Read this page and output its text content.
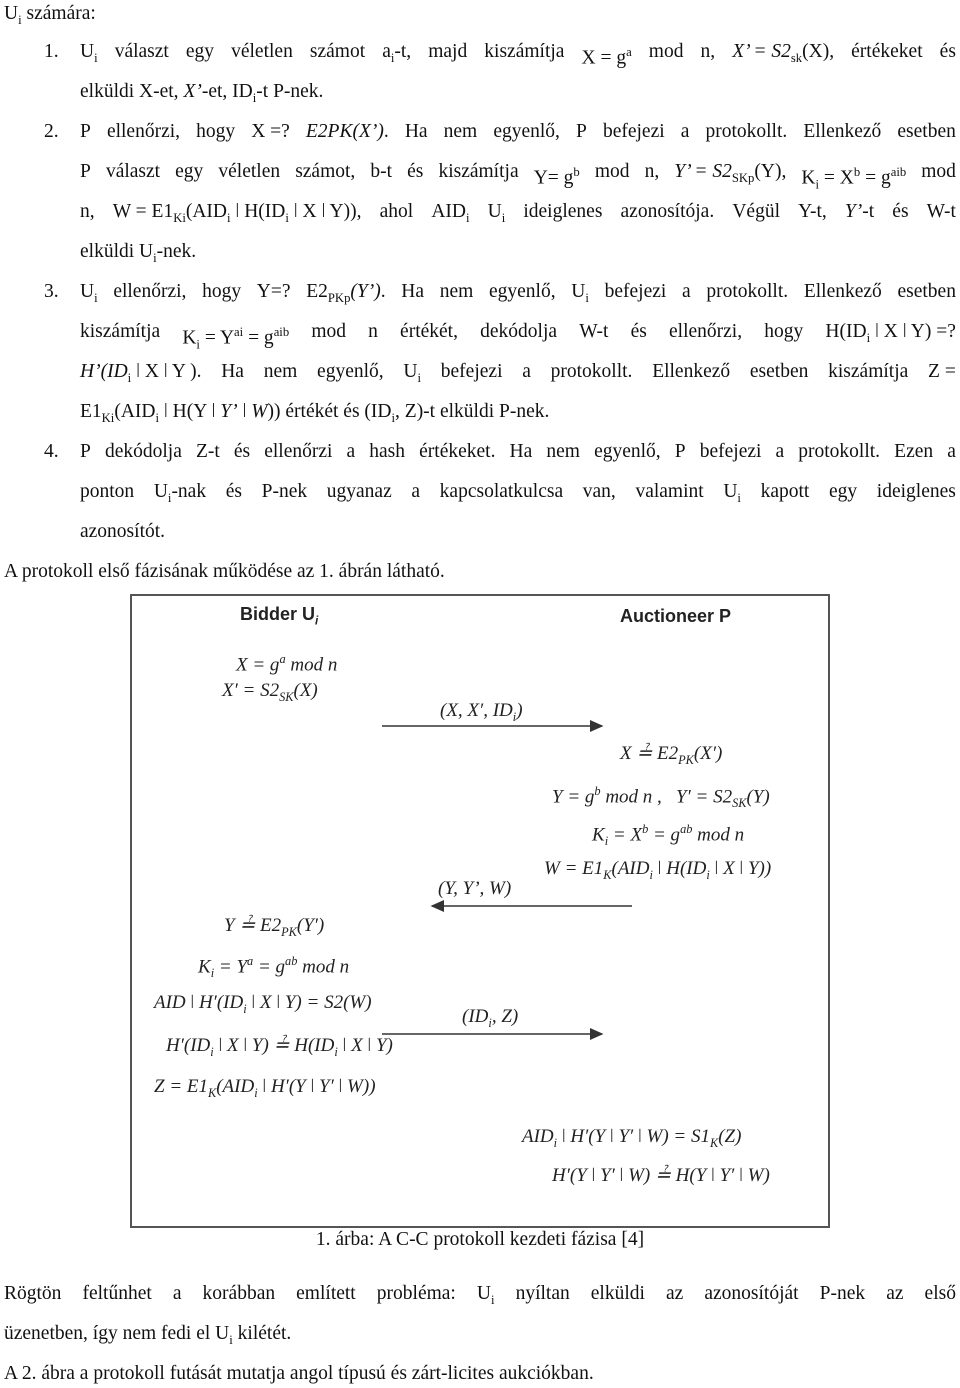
$U_i$ számára:
1. $U_i$ választ egy véletlen számot $a_i-t$, majd kiszámítja $X = g^a$ mod n, X’ = $S2_{sk}(X)$, értékeket és
elküldi X-et, X’-et, $ID_i-t$ P-nek.
2. P ellenőrzi, hogy X =? E2PK(X’). Ha nem egyenlő, P befejezi a protokollt. Ellenkező esetben
P választ egy véletlen számot, b-t és kiszámítja $Y= g^b$ mod n, Y’ = $S2_{SKp}(Y)$, $K_i = X^b = g^{aib}$ mod
n, $W = E1_{Ki}(AID_i$ ǀ $H(ID_i$ ǀ X ǀ Y)), ahol $AID_i$ $U_i$ ideiglenes azonosítója. Végül Y-t, Y’-t és W-t
elküldi $U_i$-nek.
3. $U_i$ ellenőrzi, hogy Y=? $E2_{PKp}(Y’)$. Ha nem egyenlő, $U_i$ befejezi a protokollt. Ellenkező esetben
kiszámítja $K_i = Y^{ai} = g^{aib}$ mod n értékét, dekódolja W-t és ellenőrzi, hogy $H(ID_i$ ǀ X ǀ Y) =?
$H’(ID_i$ ǀ X ǀ Y ). Ha nem egyenlő, $U_i$ befejezi a protokollt. Ellenkező esetben kiszámítja Z =
$E1_{Ki}(AID_i$ ǀ H(Y ǀ Y’ ǀ W)) értékét és ($ID_i$, Z)-t elküldi P-nek.
4. P dekódolja Z-t és ellenőrzi a hash értékeket. Ha nem egyenlő, P befejezi a protokollt. Ezen a
ponton $U_i$-nak és P-nek ugyanaz a kapcsolatkulcsa van, valamint $U_i$ kapott egy ideiglenes
azonosítót.
A protokoll első fázisának működése az 1. ábrán látható.
Bidder $U_i$	Auctioneer P
$X = g^a$ mod n
$X' = S2_{SK}(X)$
(X, X′, $ID_i$)
X ≟ $E2_{PK}(X')$
$Y = g^b$ mod n ,   $Y' = S2_{SK}(Y)$
$K_i = X^b = g^{ab}$ mod n
$W = E1_K(AID_i$ ǀ $H(ID_i$ ǀ X ǀ Y))
(Y, Y’, W)
Y ≟ $E2_{PK}(Y')$
$K_i = Y^a = g^{ab}$ mod n
AID ǀ $H'(ID_i$ ǀ X ǀ Y) = S2(W)
$H'(ID_i$ ǀ X ǀ Y) ≟ $H(ID_i$ ǀ X ǀ Y)
$Z = E1_K(AID_i$ ǀ H′(Y ǀ Y′ ǀ W))
($ID_i$, Z)
$AID_i$ ǀ H′(Y ǀ Y′ ǀ $W) = S1_K(Z)$
H′(Y ǀ Y′ ǀ W) ≟ H(Y ǀ Y′ ǀ W)
1. árba: A C-C protokoll kezdeti fázisa [4]
Rögtön feltűnhet a korábban említett probléma: $U_i$ nyíltan elküldi az azonosítóját P-nek az első
üzenetben, így nem fedi el $U_i$ kilétét.
A 2. ábra a protokoll futását mutatja angol típusú és zárt-licites aukciókban.
